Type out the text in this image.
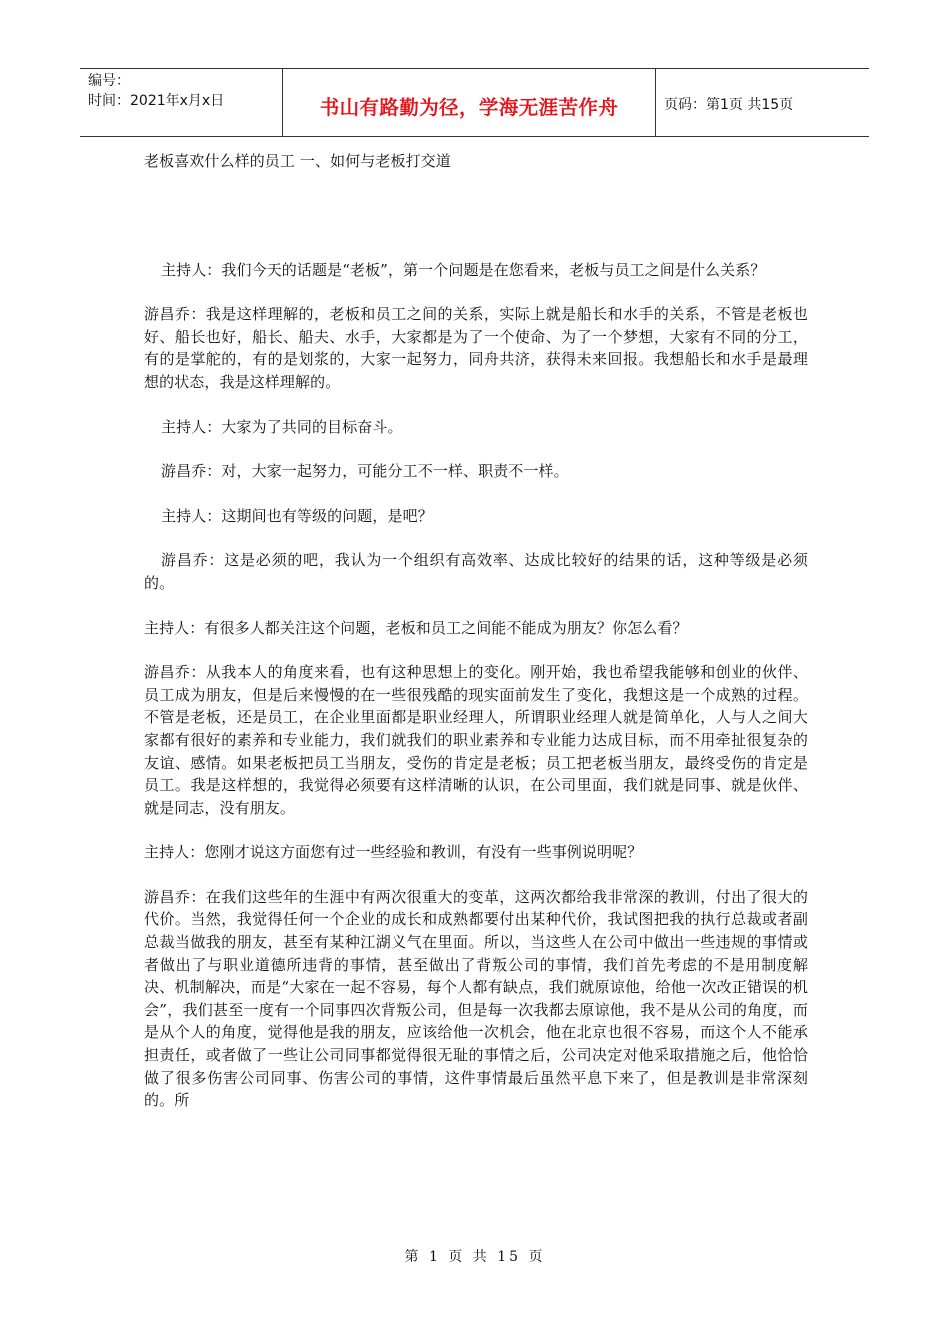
编号：
时间：2021年x月x日	书山有路勤为径，学海无涯苦作舟	页码：第1页 共15页

老板喜欢什么样的员工 一、如何与老板打交道

主持人：我们今天的话题是“老板”，第一个问题是在您看来，老板与员工之间是什么关系？

游昌乔：我是这样理解的，老板和员工之间的关系，实际上就是船长和水手的关系，不管是老板也好、船长也好，船长、船夫、水手，大家都是为了一个使命、为了一个梦想，大家有不同的分工，有的是掌舵的，有的是划浆的，大家一起努力，同舟共济，获得未来回报。我想船长和水手是最理想的状态，我是这样理解的。

主持人：大家为了共同的目标奋斗。

游昌乔：对，大家一起努力，可能分工不一样、职责不一样。

主持人：这期间也有等级的问题，是吧？

游昌乔：这是必须的吧，我认为一个组织有高效率、达成比较好的结果的话，这种等级是必须的。

主持人：有很多人都关注这个问题，老板和员工之间能不能成为朋友？你怎么看？

游昌乔：从我本人的角度来看，也有这种思想上的变化。刚开始，我也希望我能够和创业的伙伴、员工成为朋友，但是后来慢慢的在一些很残酷的现实面前发生了变化，我想这是一个成熟的过程。不管是老板，还是员工，在企业里面都是职业经理人，所谓职业经理人就是简单化，人与人之间大家都有很好的素养和专业能力，我们就我们的职业素养和专业能力达成目标，而不用牵扯很复杂的友谊、感情。如果老板把员工当朋友，受伤的肯定是老板；员工把老板当朋友，最终受伤的肯定是员工。我是这样想的，我觉得必须要有这样清晰的认识，在公司里面，我们就是同事、就是伙伴、就是同志，没有朋友。

主持人：您刚才说这方面您有过一些经验和教训，有没有一些事例说明呢？

游昌乔：在我们这些年的生涯中有两次很重大的变革，这两次都给我非常深的教训，付出了很大的代价。当然，我觉得任何一个企业的成长和成熟都要付出某种代价，我试图把我的执行总裁或者副总裁当做我的朋友，甚至有某种江湖义气在里面。所以，当这些人在公司中做出一些违规的事情或者做出了与职业道德所违背的事情，甚至做出了背叛公司的事情，我们首先考虑的不是用制度解决、机制解决，而是“大家在一起不容易，每个人都有缺点，我们就原谅他，给他一次改正错误的机会”，我们甚至一度有一个同事四次背叛公司，但是每一次我都去原谅他，我不是从公司的角度，而是从个人的角度，觉得他是我的朋友，应该给他一次机会，他在北京也很不容易，而这个人不能承担责任，或者做了一些让公司同事都觉得很无耻的事情之后，公司决定对他采取措施之后，他恰恰做了很多伤害公司同事、伤害公司的事情，这件事情最后虽然平息下来了，但是教训是非常深刻的。所

第 1 页 共 15 页
